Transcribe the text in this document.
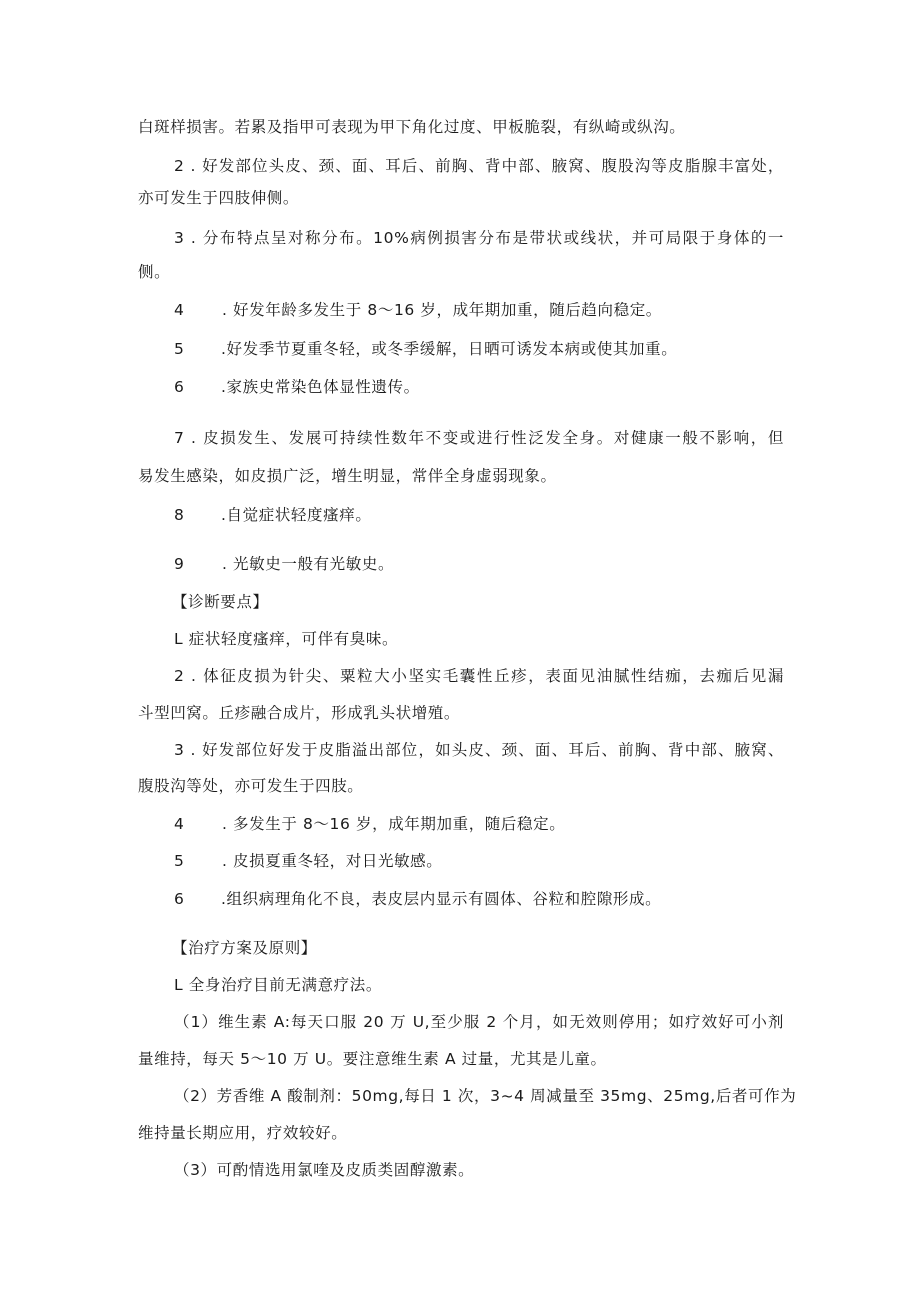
白斑样损害。若累及指甲可表现为甲下角化过度、甲板脆裂，有纵崎或纵沟。
2 . 好发部位头皮、颈、面、耳后、前胸、背中部、腋窝、腹股沟等皮脂腺丰富处，
亦可发生于四肢伸侧。
3 . 分布特点呈对称分布。10%病例损害分布是带状或线状，并可局限于身体的一
侧。
4	. 好发年龄多发生于 8～16 岁，成年期加重，随后趋向稳定。
5	.好发季节夏重冬轻，或冬季缓解，日晒可诱发本病或使其加重。
6	.家族史常染色体显性遗传。
7 . 皮损发生、发展可持续性数年不变或进行性泛发全身。对健康一般不影响，但
易发生感染，如皮损广泛，增生明显，常伴全身虚弱现象。
8	.自觉症状轻度瘙痒。
9	. 光敏史一般有光敏史。
【诊断要点】
L 症状轻度瘙痒，可伴有臭味。
2 . 体征皮损为针尖、粟粒大小坚实毛囊性丘疹，表面见油腻性结痂，去痂后见漏
斗型凹窝。丘疹融合成片，形成乳头状增殖。
3 . 好发部位好发于皮脂溢出部位，如头皮、颈、面、耳后、前胸、背中部、腋窝、
腹股沟等处，亦可发生于四肢。
4	. 多发生于 8～16 岁，成年期加重，随后稳定。
5	. 皮损夏重冬轻，对日光敏感。
6	.组织病理角化不良，表皮层内显示有圆体、谷粒和腔隙形成。
【治疗方案及原则】
L 全身治疗目前无满意疗法。
（1）维生素 A:每天口服 20 万 U,至少服 2 个月，如无效则停用；如疗效好可小剂
量维持，每天 5～10 万 U。要注意维生素 A 过量，尤其是儿童。
（2）芳香维 A 酸制剂：50mg,每日 1 次，3~4 周减量至 35mg、25mg,后者可作为
维持量长期应用，疗效较好。
（3）可酌情选用氯喹及皮质类固醇激素。
